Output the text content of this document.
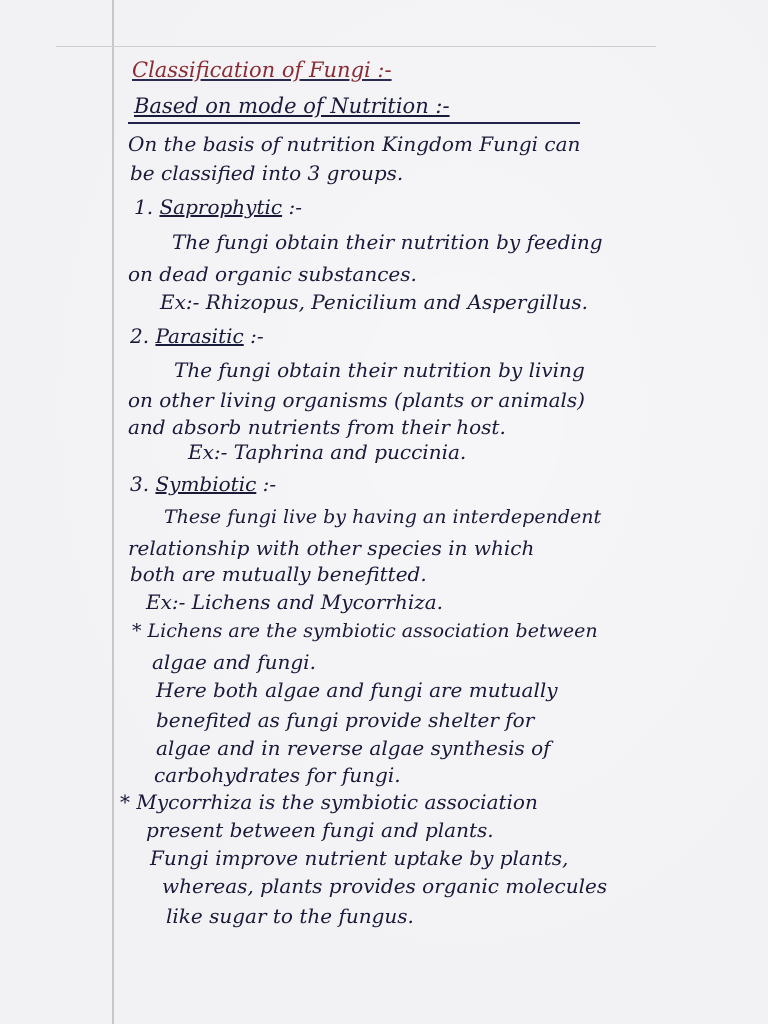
Classification of Fungi :-
Based on mode of Nutrition :-
On the basis of nutrition Kingdom Fungi can
be classified into 3 groups.
1. Saprophytic :-
The fungi obtain their nutrition by feeding
on dead organic substances.
Ex:- Rhizopus, Penicilium and Aspergillus.
2. Parasitic :-
The fungi obtain their nutrition by living
on other living organisms (plants or animals)
and absorb nutrients from their host.
Ex:- Taphrina and puccinia.
3. Symbiotic :-
These fungi live by having an interdependent
relationship with other species in which
both are mutually benefitted.
Ex:- Lichens and Mycorrhiza.
* Lichens are the symbiotic association between
algae and fungi.
Here both algae and fungi are mutually
benefited as fungi provide shelter for
algae and in reverse algae synthesis of
carbohydrates for fungi.
* Mycorrhiza is the symbiotic association
present between fungi and plants.
Fungi improve nutrient uptake by plants,
whereas, plants provides organic molecules
like sugar to the fungus.
